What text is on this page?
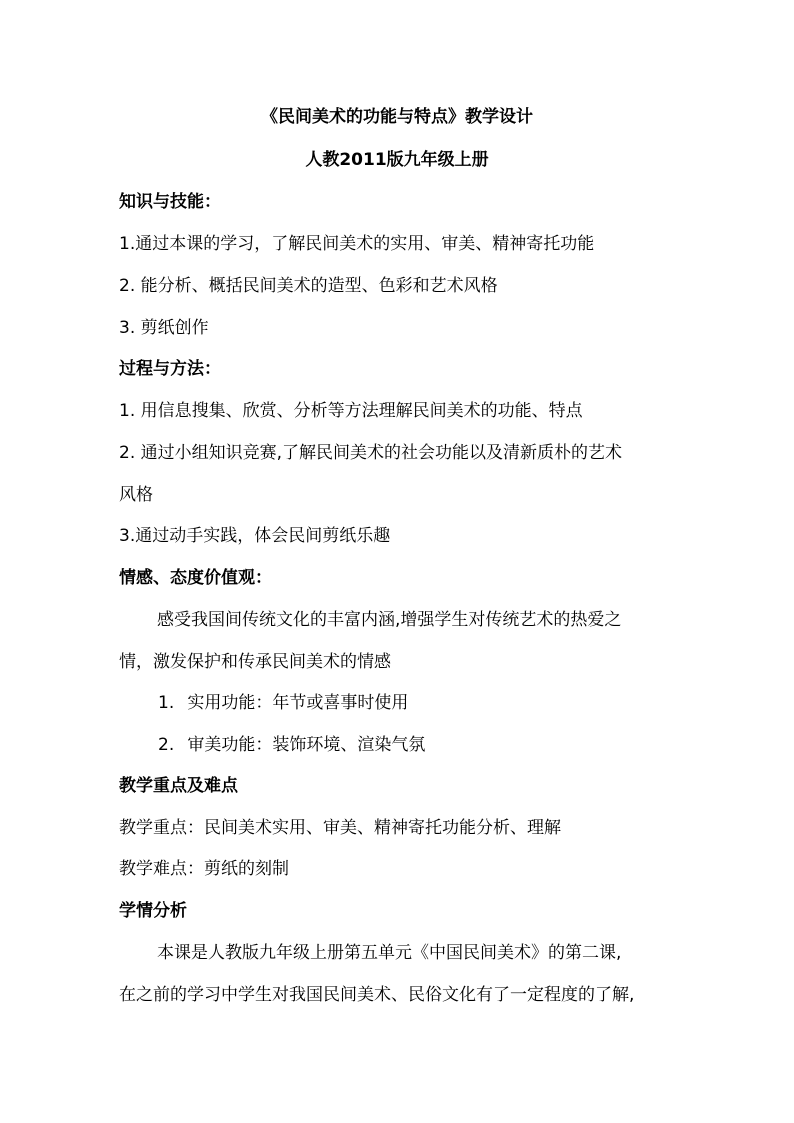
《民间美术的功能与特点》教学设计
人教2011版九年级上册
知识与技能：
1.通过本课的学习，了解民间美术的实用、审美、精神寄托功能
2. 能分析、概括民间美术的造型、色彩和艺术风格
3. 剪纸创作
过程与方法：
1. 用信息搜集、欣赏、分析等方法理解民间美术的功能、特点
2. 通过小组知识竞赛,了解民间美术的社会功能以及清新质朴的艺术
风格
3.通过动手实践，体会民间剪纸乐趣
情感、态度价值观：
感受我国间传统文化的丰富内涵,增强学生对传统艺术的热爱之
情，激发保护和传承民间美术的情感
1. 实用功能：年节或喜事时使用
2. 审美功能：装饰环境、渲染气氛
教学重点及难点
教学重点：民间美术实用、审美、精神寄托功能分析、理解
教学难点：剪纸的刻制
学情分析
本课是人教版九年级上册第五单元《中国民间美术》的第二课,
在之前的学习中学生对我国民间美术、民俗文化有了一定程度的了解,
